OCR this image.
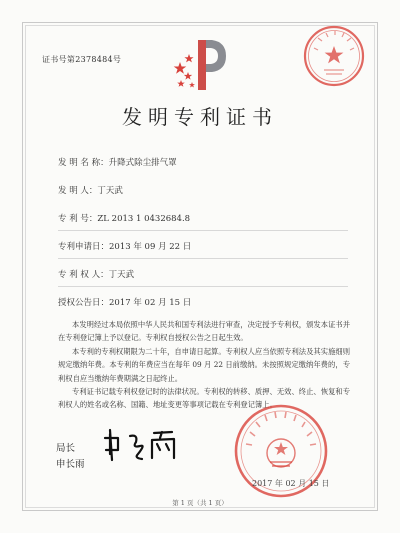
证书号第2378484号
发明专利证书
发 明 名 称：升降式除尘排气罩
发 明 人：丁天武
专 利 号：ZL 2013 1 0432684.8
专利申请日：2013 年 09 月 22 日
专 利 权 人：丁天武
授权公告日：2017 年 02 月 15 日

本发明经过本局依照中华人民共和国专利法进行审查，决定授予专利权，颁发本证书并在专利登记簿上予以登记。专利权自授权公告之日起生效。

本专利的专利权期限为二十年，自申请日起算。专利权人应当依照专利法及其实施细则规定缴纳年费。本专利的年费应当在每年 09 月 22 日前缴纳。未按照规定缴纳年费的，专利权自应当缴纳年费期满之日起终止。

专利证书记载专利权登记时的法律状况。专利权的转移、质押、无效、终止、恢复和专利权人的姓名或名称、国籍、地址变更等事项记载在专利登记簿上。

局长
申长雨
2017 年 02 月 15 日
第 1 页（共 1 页）
